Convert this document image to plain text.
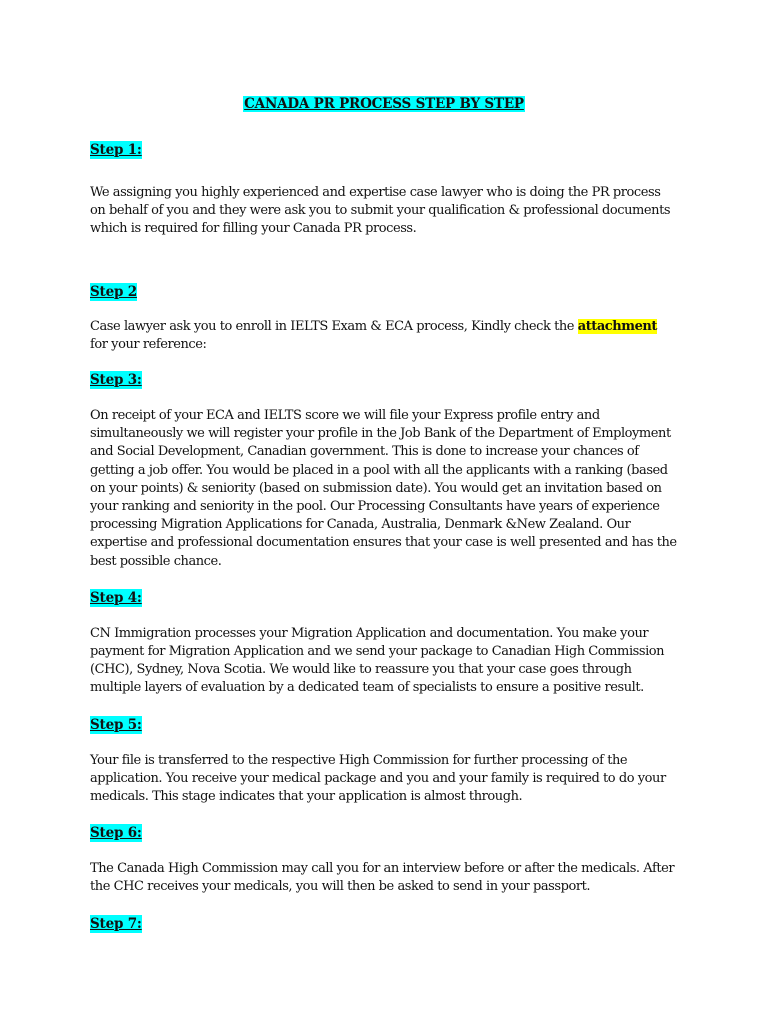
CANADA PR PROCESS STEP BY STEP
Step 1:

We assigning you highly experienced and expertise case lawyer who is doing the PR process on behalf of you and they were ask you to submit your qualification & professional documents which is required for filling your Canada PR process.

Step 2

Case lawyer ask you to enroll in IELTS Exam & ECA process, Kindly check the attachment for your reference:

Step 3:

On receipt of your ECA and IELTS score we will file your Express profile entry and simultaneously we will register your profile in the Job Bank of the Department of Employment and Social Development, Canadian government. This is done to increase your chances of getting a job offer. You would be placed in a pool with all the applicants with a ranking (based on your points) & seniority (based on submission date). You would get an invitation based on your ranking and seniority in the pool. Our Processing Consultants have years of experience processing Migration Applications for Canada, Australia, Denmark &New Zealand. Our expertise and professional documentation ensures that your case is well presented and has the best possible chance.

Step 4:

CN Immigration processes your Migration Application and documentation. You make your payment for Migration Application and we send your package to Canadian High Commission (CHC), Sydney, Nova Scotia. We would like to reassure you that your case goes through multiple layers of evaluation by a dedicated team of specialists to ensure a positive result.

Step 5:

Your file is transferred to the respective High Commission for further processing of the application. You receive your medical package and you and your family is required to do your medicals. This stage indicates that your application is almost through.

Step 6:

The Canada High Commission may call you for an interview before or after the medicals. After the CHC receives your medicals, you will then be asked to send in your passport.

Step 7:
